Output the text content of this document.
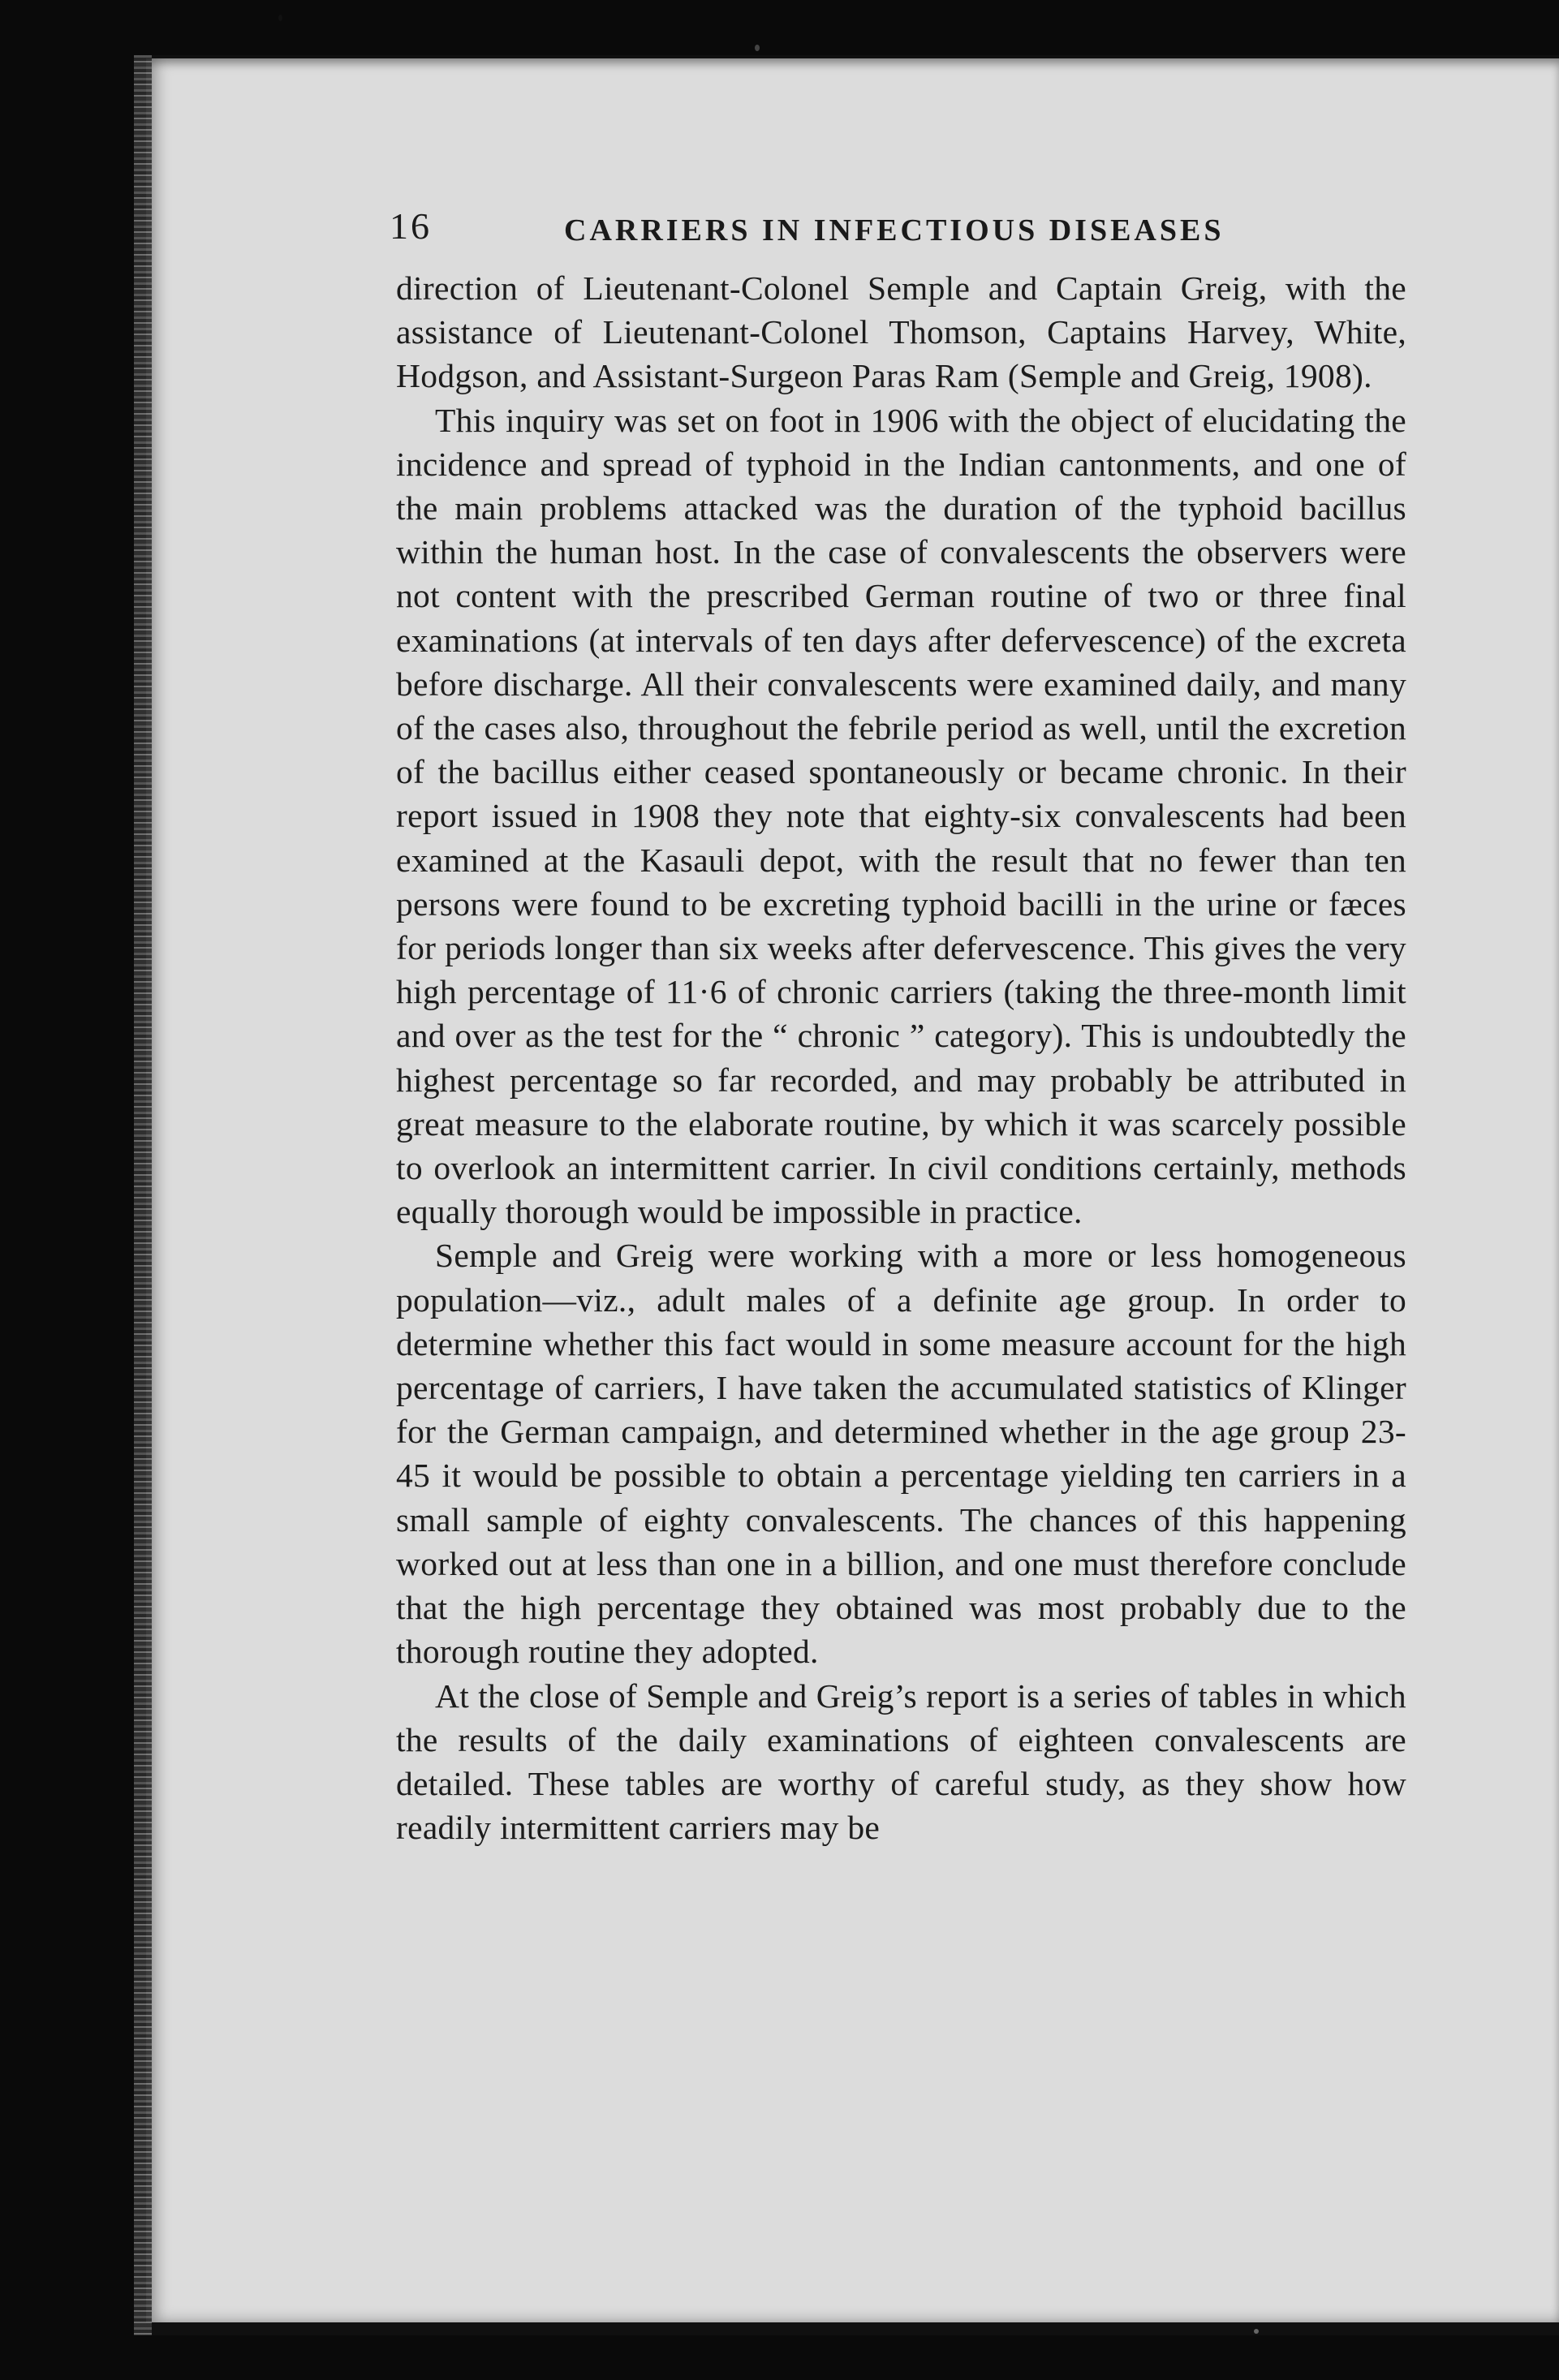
16	CARRIERS IN INFECTIOUS DISEASES

direction of Lieutenant-Colonel Semple and Captain Greig, with the assistance of Lieutenant-Colonel Thomson, Captains Harvey, White, Hodgson, and Assistant-Surgeon Paras Ram (Semple and Greig, 1908).

This inquiry was set on foot in 1906 with the object of elucidating the incidence and spread of typhoid in the Indian cantonments, and one of the main problems attacked was the duration of the typhoid bacillus within the human host. In the case of convalescents the observers were not content with the prescribed German routine of two or three final examinations (at intervals of ten days after defervescence) of the excreta before discharge. All their convalescents were examined daily, and many of the cases also, throughout the febrile period as well, until the excretion of the bacillus either ceased spontaneously or became chronic. In their report issued in 1908 they note that eighty-six convalescents had been examined at the Kasauli depot, with the result that no fewer than ten persons were found to be excreting typhoid bacilli in the urine or fæces for periods longer than six weeks after defervescence. This gives the very high percentage of 11·6 of chronic carriers (taking the three-month limit and over as the test for the “ chronic ” category). This is undoubtedly the highest percentage so far recorded, and may probably be attributed in great measure to the elaborate routine, by which it was scarcely possible to overlook an intermittent carrier. In civil conditions certainly, methods equally thorough would be impossible in practice.

Semple and Greig were working with a more or less homogeneous population—viz., adult males of a definite age group. In order to determine whether this fact would in some measure account for the high percentage of carriers, I have taken the accumulated statistics of Klinger for the German campaign, and determined whether in the age group 23-45 it would be possible to obtain a percentage yielding ten carriers in a small sample of eighty convalescents. The chances of this happening worked out at less than one in a billion, and one must therefore conclude that the high percentage they obtained was most probably due to the thorough routine they adopted.

At the close of Semple and Greig’s report is a series of tables in which the results of the daily examinations of eighteen convalescents are detailed. These tables are worthy of careful study, as they show how readily intermittent carriers may be
